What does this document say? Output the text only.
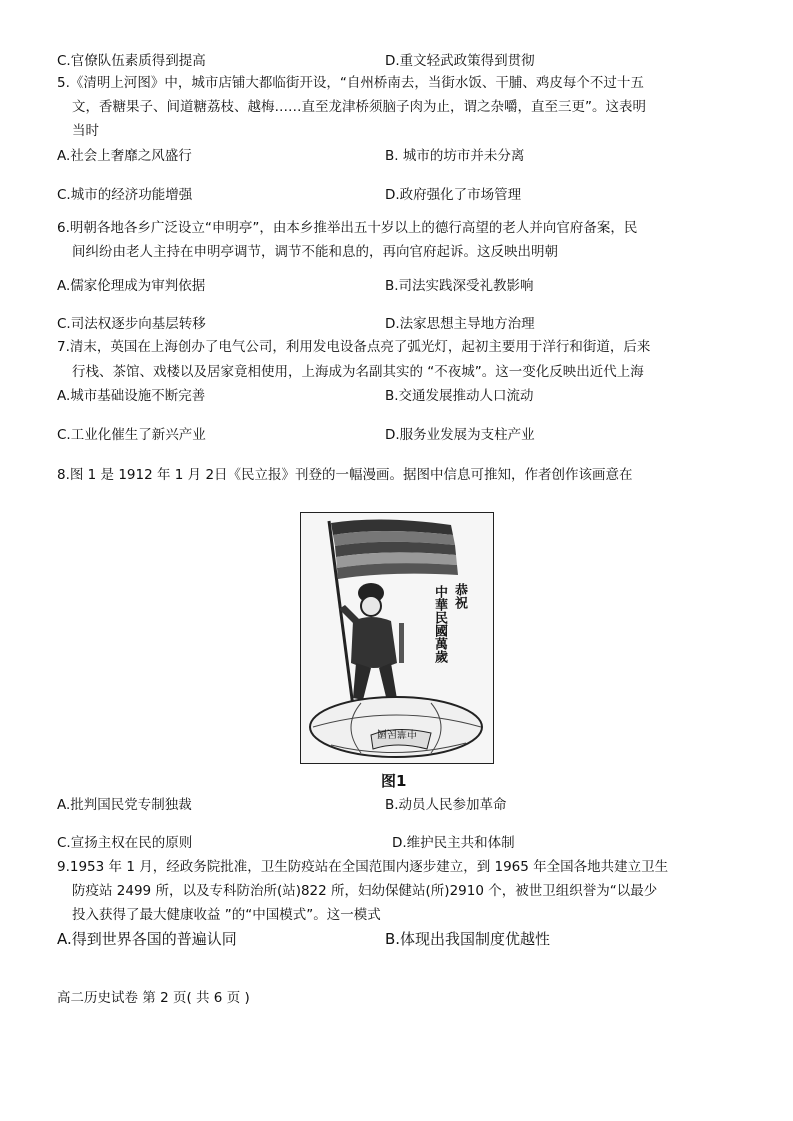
C.官僚队伍素质得到提高	D.重文轻武政策得到贯彻
5.《清明上河图》中，城市店铺大都临街开设，“自州桥南去，当街水饭、干脯、鸡皮每个不过十五
文，香糖果子、间道糖荔枝、越梅……直至龙津桥须脑子肉为止，谓之杂嚼，直至三更”。这表明
当时
A.社会上奢靡之风盛行	B. 城市的坊市并未分离
C.城市的经济功能增强	D.政府强化了市场管理
6.明朝各地各乡广泛设立“申明亭”，由本乡推举出五十岁以上的德行高望的老人并向官府备案，民
间纠纷由老人主持在申明亭调节，调节不能和息的，再向官府起诉。这反映出明朝
A.儒家伦理成为审判依据	B.司法实践深受礼教影响
C.司法权逐步向基层转移	D.法家思想主导地方治理
7.清末，英国在上海创办了电气公司，利用发电设备点亮了弧光灯，起初主要用于洋行和街道，后来
行栈、茶馆、戏楼以及居家竟相使用，上海成为名副其实的 “不夜城”。这一变化反映出近代上海
A.城市基础设施不断完善	B.交通发展推动人口流动
C.工业化催生了新兴产业	D.服务业发展为支柱产业
8.图 1 是 1912 年 1 月 2日《民立报》刊登的一幅漫画。据图中信息可推知，作者创作该画意在
恭祝
中華民國萬歲
中華民國
图1
A.批判国民党专制独裁	B.动员人民参加革命
C.宣扬主权在民的原则	D.维护民主共和体制
9.1953 年 1 月，经政务院批准，卫生防疫站在全国范围内逐步建立，到 1965 年全国各地共建立卫生
防疫站 2499 所，以及专科防治所(站)822 所，妇幼保健站(所)2910 个，被世卫组织誉为“以最少
投入获得了最大健康收益 ”的“中国模式”。这一模式
A.得到世界各国的普遍认同	B.体现出我国制度优越性
高二历史试卷 第 2 页( 共 6 页 )
